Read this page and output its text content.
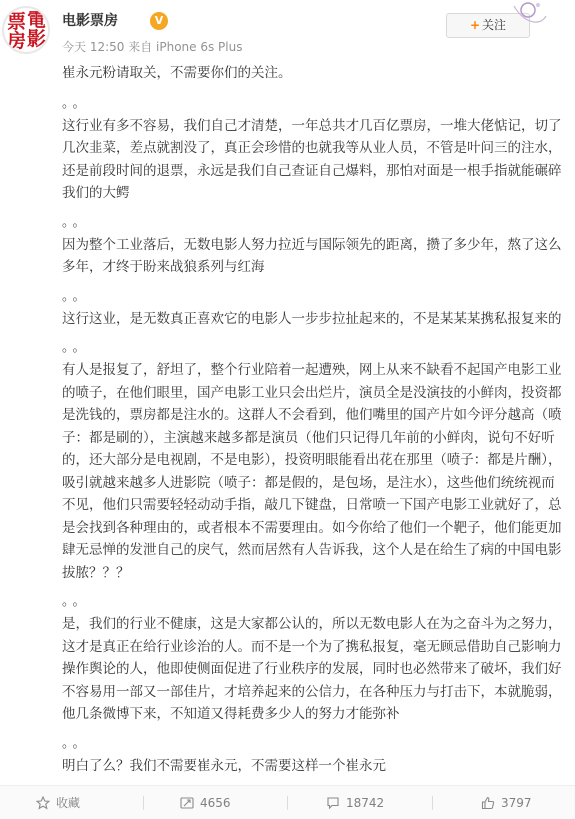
票 電
房 影
电影票房	V
今天 12:50 来自 iPhone 6s Plus
+ 关注
崔永元粉请取关，不需要你们的关注。
。。
这行业有多不容易，我们自己才清楚，一年总共才几百亿票房，一堆大佬惦记，切了几次韭菜，差点就割没了，真正会珍惜的也就我等从业人员，不管是叶问三的注水，还是前段时间的退票，永远是我们自己查证自己爆料，那怕对面是一根手指就能碾碎我们的大鳄
。。
因为整个工业落后，无数电影人努力拉近与国际领先的距离，攒了多少年，熬了这么多年，才终于盼来战狼系列与红海
。。
这行这业，是无数真正喜欢它的电影人一步步拉扯起来的，不是某某某携私报复来的
。。
有人是报复了，舒坦了，整个行业陪着一起遭殃，网上从来不缺看不起国产电影工业的喷子，在他们眼里，国产电影工业只会出烂片，演员全是没演技的小鲜肉，投资都是洗钱的，票房都是注水的。这群人不会看到，他们嘴里的国产片如今评分越高（喷子：都是刷的），主演越来越多都是演员（他们只记得几年前的小鲜肉，说句不好听的，还大部分是电视剧，不是电影），投资明眼能看出花在那里（喷子：都是片酬），吸引就越来越多人进影院（喷子：都是假的，是包场，是注水），这些他们统统视而不见，他们只需要轻轻动动手指，敲几下键盘，日常喷一下国产电影工业就好了，总是会找到各种理由的，或者根本不需要理由。如今你给了他们一个靶子，他们能更加肆无忌惮的发泄自己的戾气，然而居然有人告诉我，这个人是在给生了病的中国电影拔脓？？？
。。
是，我们的行业不健康，这是大家都公认的，所以无数电影人在为之奋斗为之努力，这才是真正在给行业诊治的人。而不是一个为了携私报复，毫无顾忌借助自己影响力操作舆论的人，他即使侧面促进了行业秩序的发展，同时也必然带来了破坏，我们好不容易用一部又一部佳片，才培养起来的公信力，在各种压力与打击下，本就脆弱，他几条微博下来，不知道又得耗费多少人的努力才能弥补
。。
明白了么？我们不需要崔永元，不需要这样一个崔永元
收藏	4656	18742	3797
